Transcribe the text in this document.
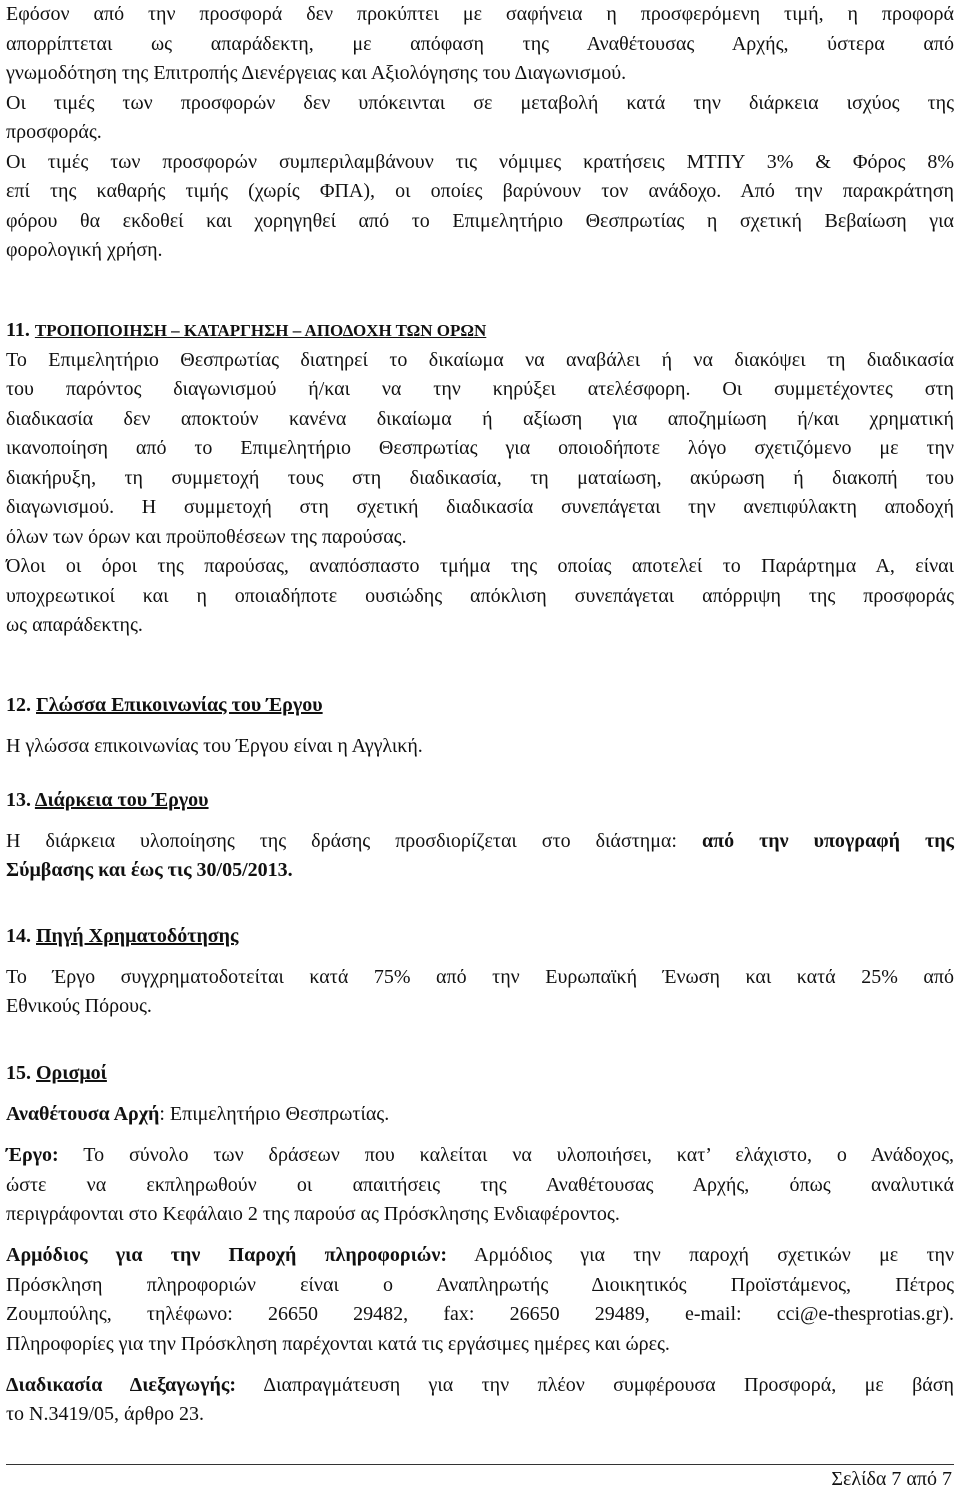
Εφόσον από την προσφορά δεν προκύπτει με σαφήνεια η προσφερόμενη τιμή, η προφορά
απορρίπτεται ως απαράδεκτη, με απόφαση της Αναθέτουσας Αρχής, ύστερα από
γνωμοδότηση της Επιτροπής Διενέργειας και Αξιολόγησης του Διαγωνισμού.
Οι τιμές των προσφορών δεν υπόκεινται σε μεταβολή κατά την διάρκεια ισχύος της
προσφοράς.
Οι τιμές των προσφορών συμπεριλαμβάνουν τις νόμιμες κρατήσεις ΜΤΠΥ 3% & Φόρος 8%
επί της καθαρής τιμής (χωρίς ΦΠΑ), οι οποίες βαρύνουν τον ανάδοχο. Από την παρακράτηση
φόρου θα εκδοθεί και χορηγηθεί από το Επιμελητήριο Θεσπρωτίας η σχετική Βεβαίωση για
φορολογική χρήση.
11. ΤΡΟΠΟΠΟΙΗΣΗ – ΚΑΤΑΡΓΗΣΗ – ΑΠΟΔΟΧΗ ΤΩΝ ΟΡΩΝ
Το Επιμελητήριο Θεσπρωτίας διατηρεί το δικαίωμα να αναβάλει ή να διακόψει τη διαδικασία
του παρόντος διαγωνισμού ή/και να την κηρύξει ατελέσφορη. Οι συμμετέχοντες στη
διαδικασία δεν αποκτούν κανένα δικαίωμα ή αξίωση για αποζημίωση ή/και χρηματική
ικανοποίηση από το Επιμελητήριο Θεσπρωτίας για οποιοδήποτε λόγο σχετιζόμενο με την
διακήρυξη, τη συμμετοχή τους στη διαδικασία, τη ματαίωση, ακύρωση ή διακοπή του
διαγωνισμού. Η συμμετοχή στη σχετική διαδικασία συνεπάγεται την ανεπιφύλακτη αποδοχή
όλων των όρων και προϋποθέσεων της παρούσας.
Όλοι οι όροι της παρούσας, αναπόσπαστο τμήμα της οποίας αποτελεί το Παράρτημα Α, είναι
υποχρεωτικοί και η οποιαδήποτε ουσιώδης απόκλιση συνεπάγεται απόρριψη της προσφοράς
ως απαράδεκτης.
12. Γλώσσα Επικοινωνίας του Έργου
Η γλώσσα επικοινωνίας του Έργου είναι η Αγγλική.
13. Διάρκεια του Έργου
Η διάρκεια υλοποίησης της δράσης προσδιορίζεται στο διάστημα: από την υπογραφή της
Σύμβασης και έως τις 30/05/2013.
14. Πηγή Χρηματοδότησης
Το Έργο συγχρηματοδοτείται κατά 75% από την Ευρωπαϊκή Ένωση και κατά 25% από
Εθνικούς Πόρους.
15. Ορισμοί
Αναθέτουσα Αρχή: Επιμελητήριο Θεσπρωτίας.
Έργο: Το σύνολο των δράσεων που καλείται να υλοποιήσει, κατ’ ελάχιστο, ο Ανάδοχος,
ώστε να εκπληρωθούν οι απαιτήσεις της Αναθέτουσας Αρχής, όπως αναλυτικά
περιγράφονται στο Κεφάλαιο 2 της παρούσ ας Πρόσκλησης Ενδιαφέροντος.
Αρμόδιος για την Παροχή πληροφοριών: Αρμόδιος για την παροχή σχετικών με την
Πρόσκληση πληροφοριών είναι ο Αναπληρωτής Διοικητικός Προϊστάμενος, Πέτρος
Ζουμπούλης, τηλέφωνο: 26650 29482, fax: 26650 29489, e-mail: cci@e-thesprotias.gr).
Πληροφορίες για την Πρόσκληση παρέχονται κατά τις εργάσιμες ημέρες και ώρες.
Διαδικασία Διεξαγωγής: Διαπραγμάτευση για την πλέον συμφέρουσα Προσφορά, με βάση
το Ν.3419/05, άρθρο 23.
Σελίδα 7 από 7
